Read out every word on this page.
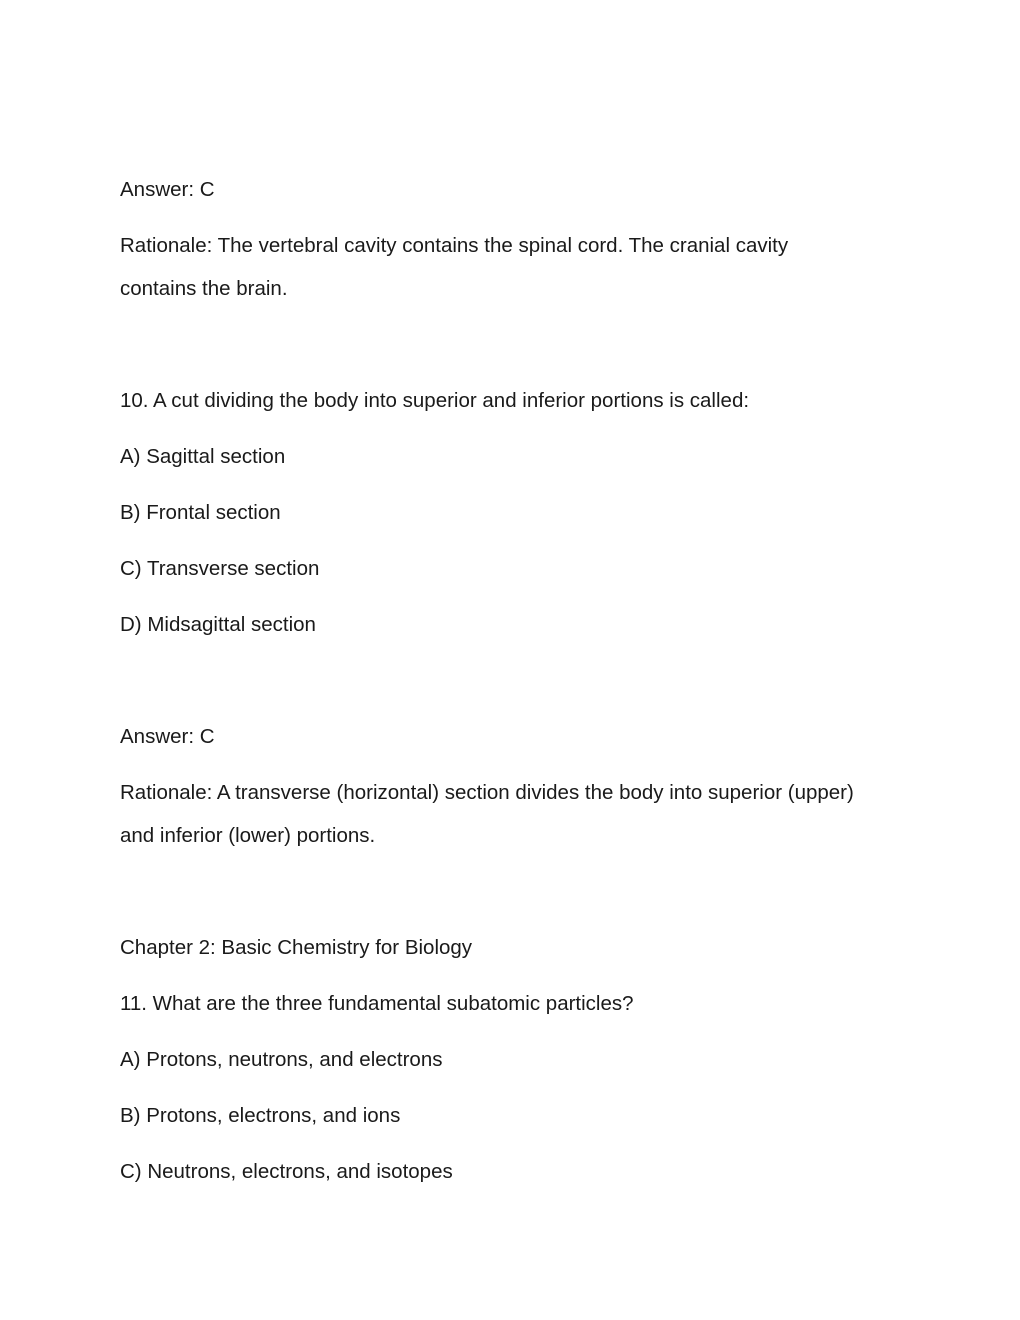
Answer: C

Rationale: The vertebral cavity contains the spinal cord. The cranial cavity

contains the brain.

10. A cut dividing the body into superior and inferior portions is called:

A) Sagittal section

B) Frontal section

C) Transverse section

D) Midsagittal section

Answer: C

Rationale: A transverse (horizontal) section divides the body into superior (upper)

and inferior (lower) portions.

Chapter 2: Basic Chemistry for Biology

11. What are the three fundamental subatomic particles?

A) Protons, neutrons, and electrons

B) Protons, electrons, and ions

C) Neutrons, electrons, and isotopes
